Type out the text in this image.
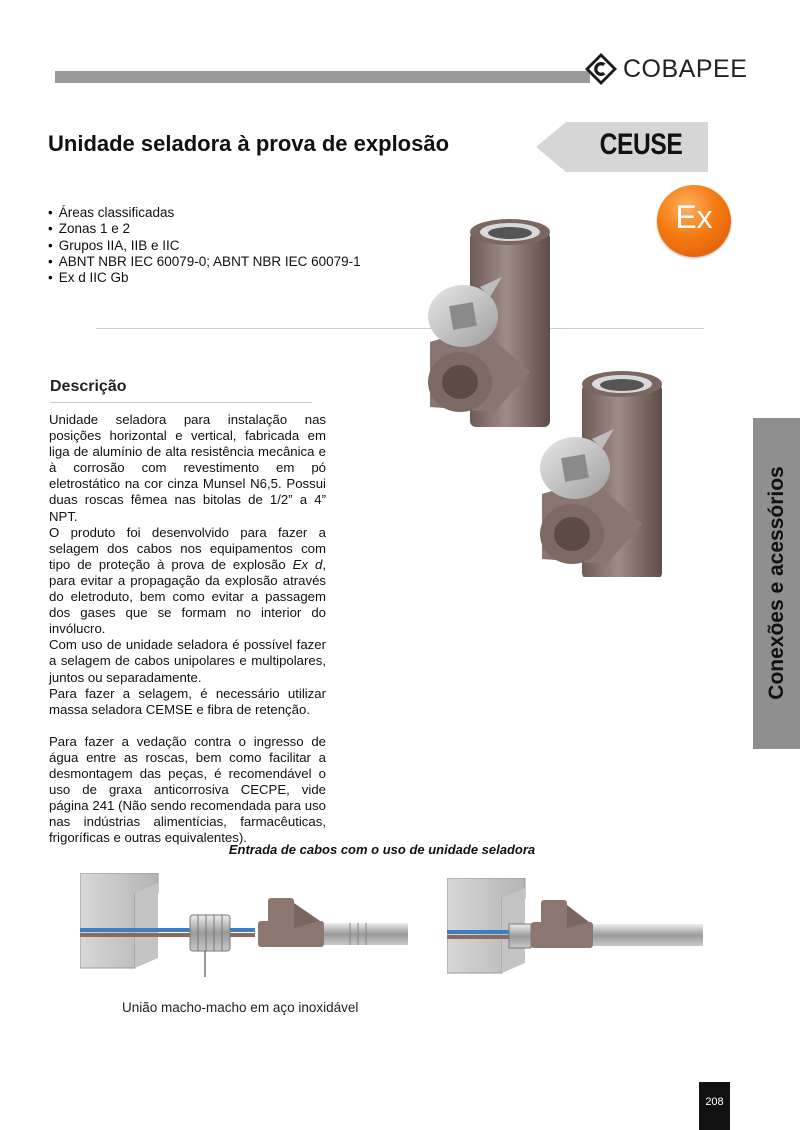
COBAPEE
Unidade seladora à prova de explosão	CEUSE
Ex
• Áreas classificadas
• Zonas 1 e 2
• Grupos IIA, IIB e IIC
• ABNT NBR IEC 60079-0; ABNT NBR IEC 60079-1
• Ex d IIC Gb
Descrição

Unidade seladora para instalação nas posições horizontal e vertical, fabricada em liga de alumínio de alta resistência mecânica e à corrosão com revestimento em pó eletrostático na cor cinza Munsel N6,5. Possui duas roscas fêmea nas bitolas de 1/2” a 4” NPT.

O produto foi desenvolvido para fazer a selagem dos cabos nos equipamentos com tipo de proteção à prova de explosão Ex d, para evitar a propagação da explosão através do eletroduto, bem como evitar a passagem dos gases que se formam no interior do invólucro.

Com uso de unidade seladora é possível fazer a selagem de cabos unipolares e multipolares, juntos ou separadamente.

Para fazer a selagem, é necessário utilizar massa seladora CEMSE e fibra de retenção.

Para fazer a vedação contra o ingresso de água entre as roscas, bem como facilitar a desmontagem das peças, é recomendável o uso de graxa anticorrosiva CECPE, vide página 241 (Não sendo recomendada para uso nas indústrias alimentícias, farmacêuticas, frigoríficas e outras equivalentes).

Conexões e acessórios
Entrada de cabos com o uso de unidade seladora
União macho-macho em aço inoxidável
208
